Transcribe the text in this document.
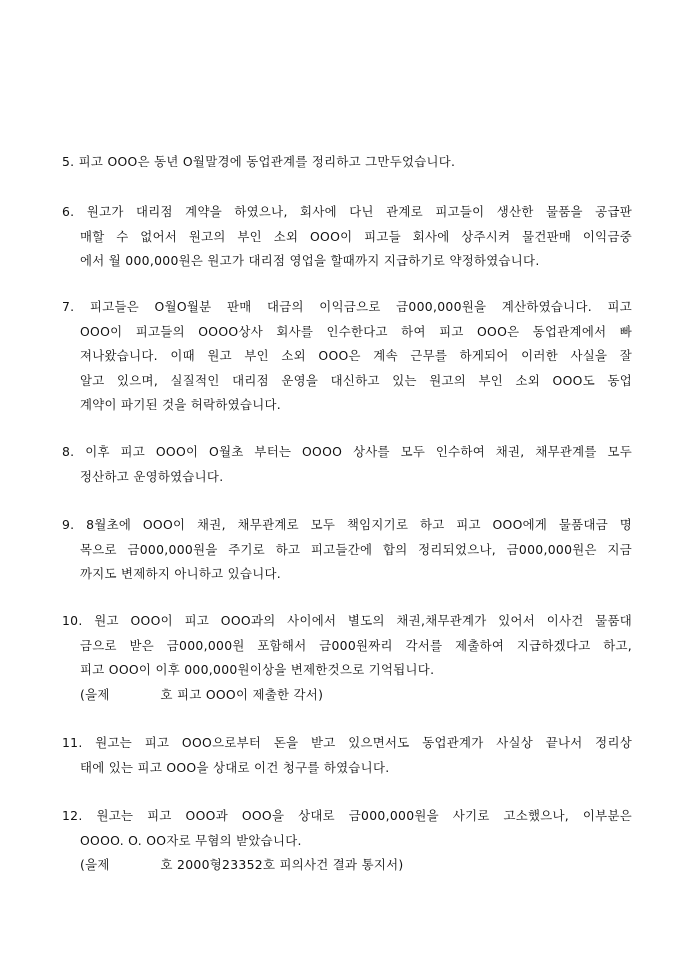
5. 피고 OOO은 동년 O월말경에 동업관계를 정리하고 그만두었습니다.
6. 원고가 대리점 계약을 하였으나, 회사에 다닌 관계로 피고들이 생산한 물품을 공급판
매할 수 없어서 원고의 부인 소외 OOO이 피고들 회사에 상주시켜 물건판매 이익금중
에서 월 000,000원은 원고가 대리점 영업을 할때까지 지급하기로 약정하였습니다.
7. 피고들은 O월O월분 판매 대금의 이익금으로 금000,000원을 계산하였습니다. 피고
OOO이 피고들의 OOOO상사 회사를 인수한다고 하여 피고 OOO은 동업관계에서 빠
져나왔습니다. 이때 원고 부인 소외 OOO은 계속 근무를 하게되어 이러한 사실을 잘
알고 있으며, 실질적인 대리점 운영을 대신하고 있는 원고의 부인 소외 OOO도 동업
계약이 파기된 것을 허락하였습니다.
8. 이후 피고 OOO이 O월초 부터는 OOOO 상사를 모두 인수하여 채권, 채무관계를 모두
정산하고 운영하였습니다.
9. 8월초에 OOO이 채권, 채무관계로 모두 책임지기로 하고 피고 OOO에게 물품대금 명
목으로 금000,000원을 주기로 하고 피고들간에 합의 정리되었으나, 금000,000원은 지금
까지도 변제하지 아니하고 있습니다.
10. 원고 OOO이 피고 OOO과의 사이에서 별도의 채권,채무관계가 있어서 이사건 물품대
금으로 받은 금000,000원 포함해서 금000원짜리 각서를 제출하여 지급하겠다고 하고,
피고 OOO이 이후 000,000원이상을 변제한것으로 기억됩니다.
(을제            호 피고 OOO이 제출한 각서)
11. 원고는 피고 OOO으로부터 돈을 받고 있으면서도 동업관계가 사실상 끝나서 정리상
태에 있는 피고 OOO을 상대로 이건 청구를 하였습니다.
12. 원고는 피고 OOO과 OOO을 상대로 금000,000원을 사기로 고소했으나, 이부분은
OOOO. O. OO자로 무혐의 받았습니다.
(을제            호 2000형23352호 피의사건 결과 통지서)
